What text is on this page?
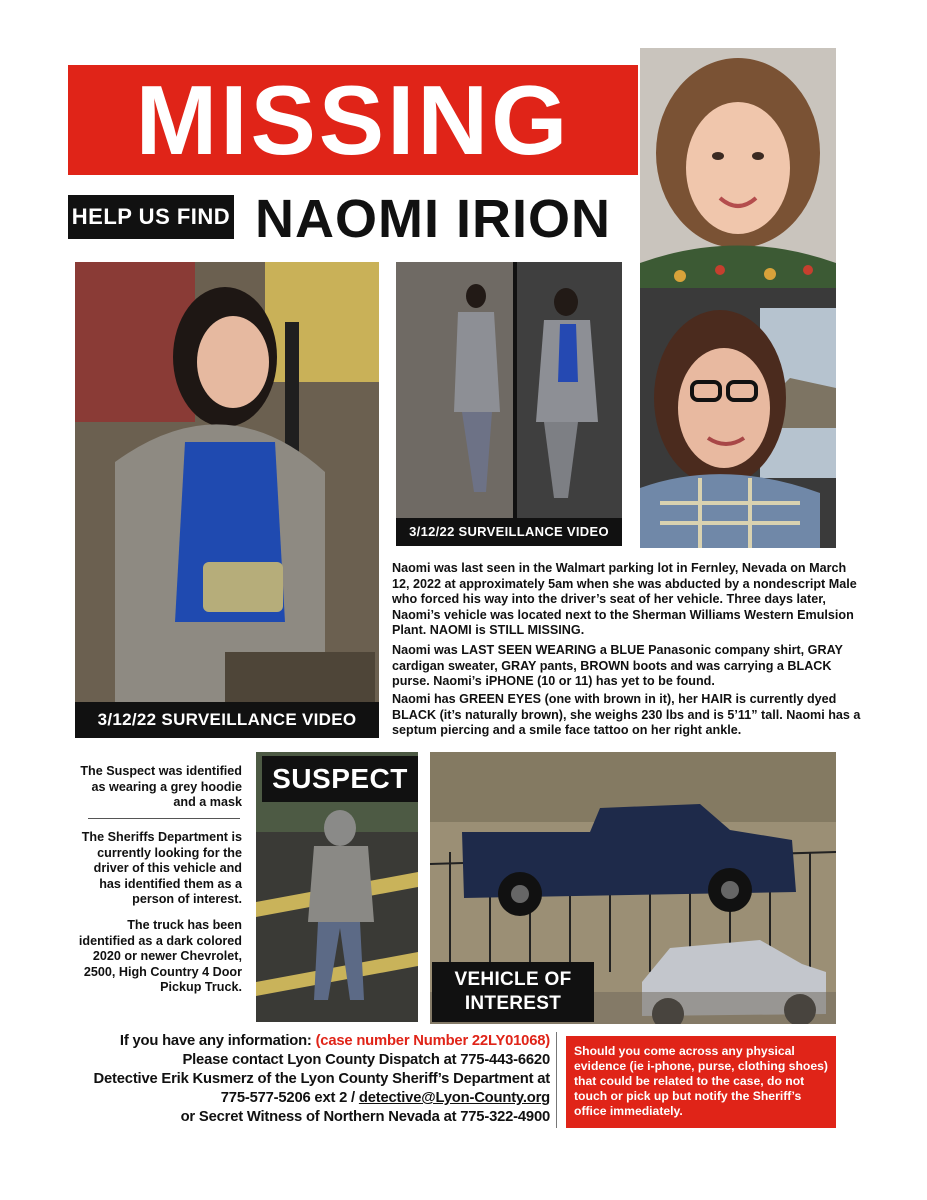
MISSING
HELP US FIND NAOMI IRION
3/12/22 SURVEILLANCE VIDEO
3/12/22 SURVEILLANCE VIDEO
Naomi was last seen in the Walmart parking lot in Fernley, Nevada on March 12, 2022 at approximately 5am when she was abducted by a nondescript Male who forced his way into the driver’s seat of her vehicle. Three days later, Naomi’s vehicle was located next to the Sherman Williams Western Emulsion Plant. NAOMI is STILL MISSING.
Naomi was LAST SEEN WEARING a BLUE Panasonic company shirt, GRAY cardigan sweater, GRAY pants, BROWN boots and was carrying a BLACK purse. Naomi’s iPHONE (10 or 11) has yet to be found.
Naomi has GREEN EYES (one with brown in it), her HAIR is currently dyed BLACK (it’s naturally brown), she weighs 230 lbs and is 5’11” tall. Naomi has a septum piercing and a smile face tattoo on her right ankle.
The Suspect was identified as wearing a grey hoodie and a mask
The Sheriffs Department is currently looking for the driver of this vehicle and has identified them as a person of interest.
The truck has been identified as a dark colored 2020 or newer Chevrolet, 2500, High Country 4 Door Pickup Truck.
SUSPECT
VEHICLE OF
INTEREST
If you have any information: (case number Number 22LY01068)
Please contact Lyon County Dispatch at 775-443-6620
Detective Erik Kusmerz of the Lyon County Sheriff’s Department at
775-577-5206 ext 2 / detective@Lyon-County.org
or Secret Witness of Northern Nevada at 775-322-4900
Should you come across any physical evidence (ie i-phone, purse, clothing shoes) that could be related to the case, do not touch or pick up but notify the Sheriff’s office immediately.
